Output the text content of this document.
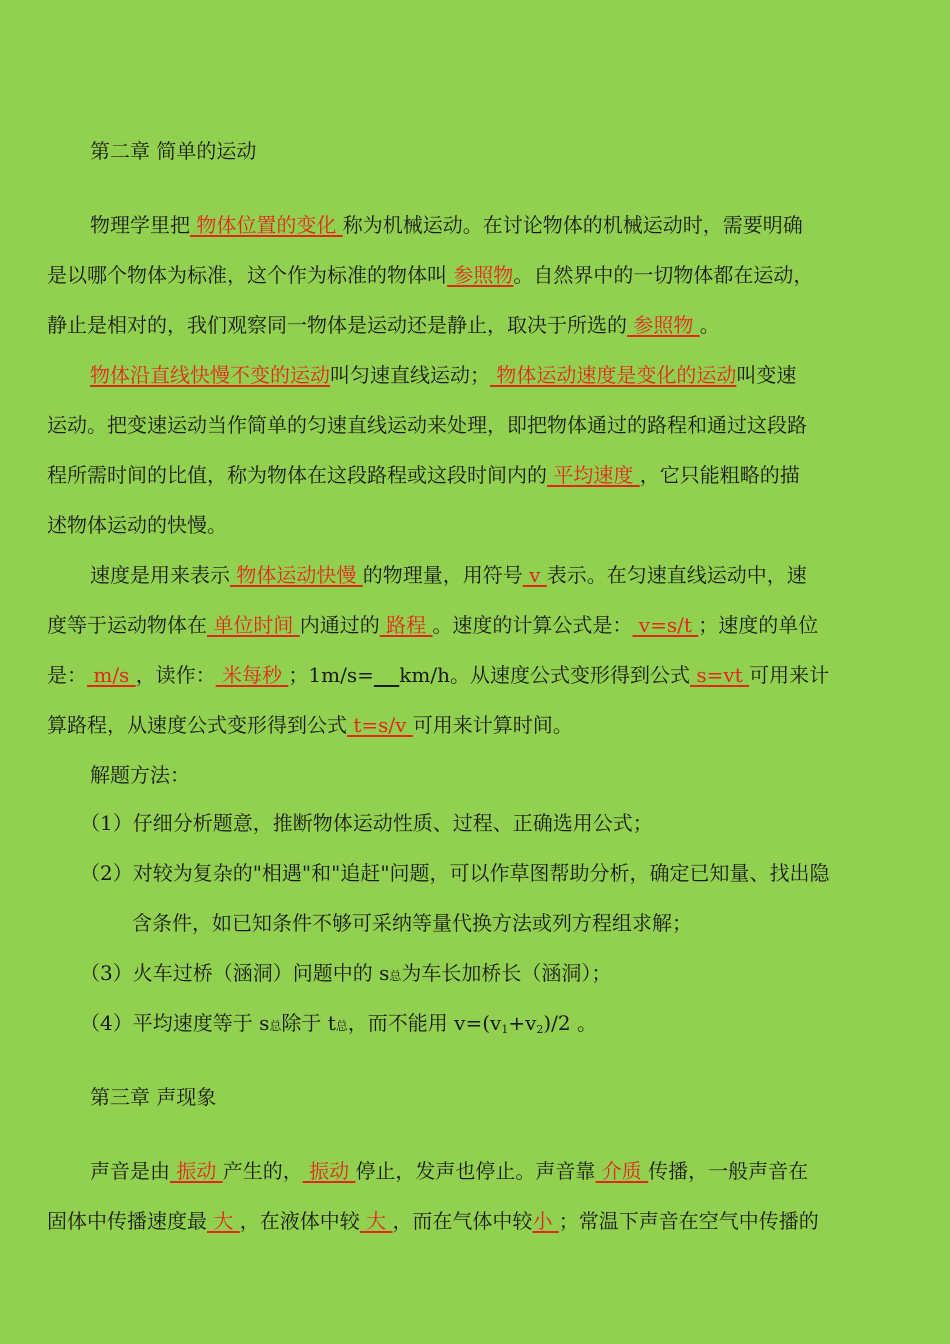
第二章 简单的运动
物理学里把 物体位置的变化 称为机械运动。在讨论物体的机械运动时，需要明确
是以哪个物体为标准，这个作为标准的物体叫 参照物。自然界中的一切物体都在运动，
静止是相对的，我们观察同一物体是运动还是静止，取决于所选的 参照物 。
物体沿直线快慢不变的运动叫匀速直线运动； 物体运动速度是变化的运动叫变速
运动。把变速运动当作简单的匀速直线运动来处理，即把物体通过的路程和通过这段路
程所需时间的比值，称为物体在这段路程或这段时间内的 平均速度 ，它只能粗略的描
述物体运动的快慢。
速度是用来表示 物体运动快慢 的物理量，用符号 v 表示。在匀速直线运动中，速
度等于运动物体在 单位时间 内通过的 路程 。速度的计算公式是： v=s/t ；速度的单位
是： m/s ，读作： 米每秒 ；1m/s= km/h。从速度公式变形得到公式 s=vt 可用来计
算路程，从速度公式变形得到公式 t=s/v 可用来计算时间。
解题方法：
（1）仔细分析题意，推断物体运动性质、过程、正确选用公式；
（2）对较为复杂的"相遇"和"追赶"问题，可以作草图帮助分析，确定已知量、找出隐
含条件，如已知条件不够可采纳等量代换方法或列方程组求解；
（3）火车过桥（涵洞）问题中的 s总为车长加桥长（涵洞）；
（4）平均速度等于 s总除于 t总，而不能用 $v=(v_1+v_2)/2$ 。
第三章 声现象
声音是由 振动 产生的， 振动 停止，发声也停止。声音靠 介质 传播，一般声音在
固体中传播速度最 大 ，在液体中较 大 ，而在气体中较小 ；常温下声音在空气中传播的
